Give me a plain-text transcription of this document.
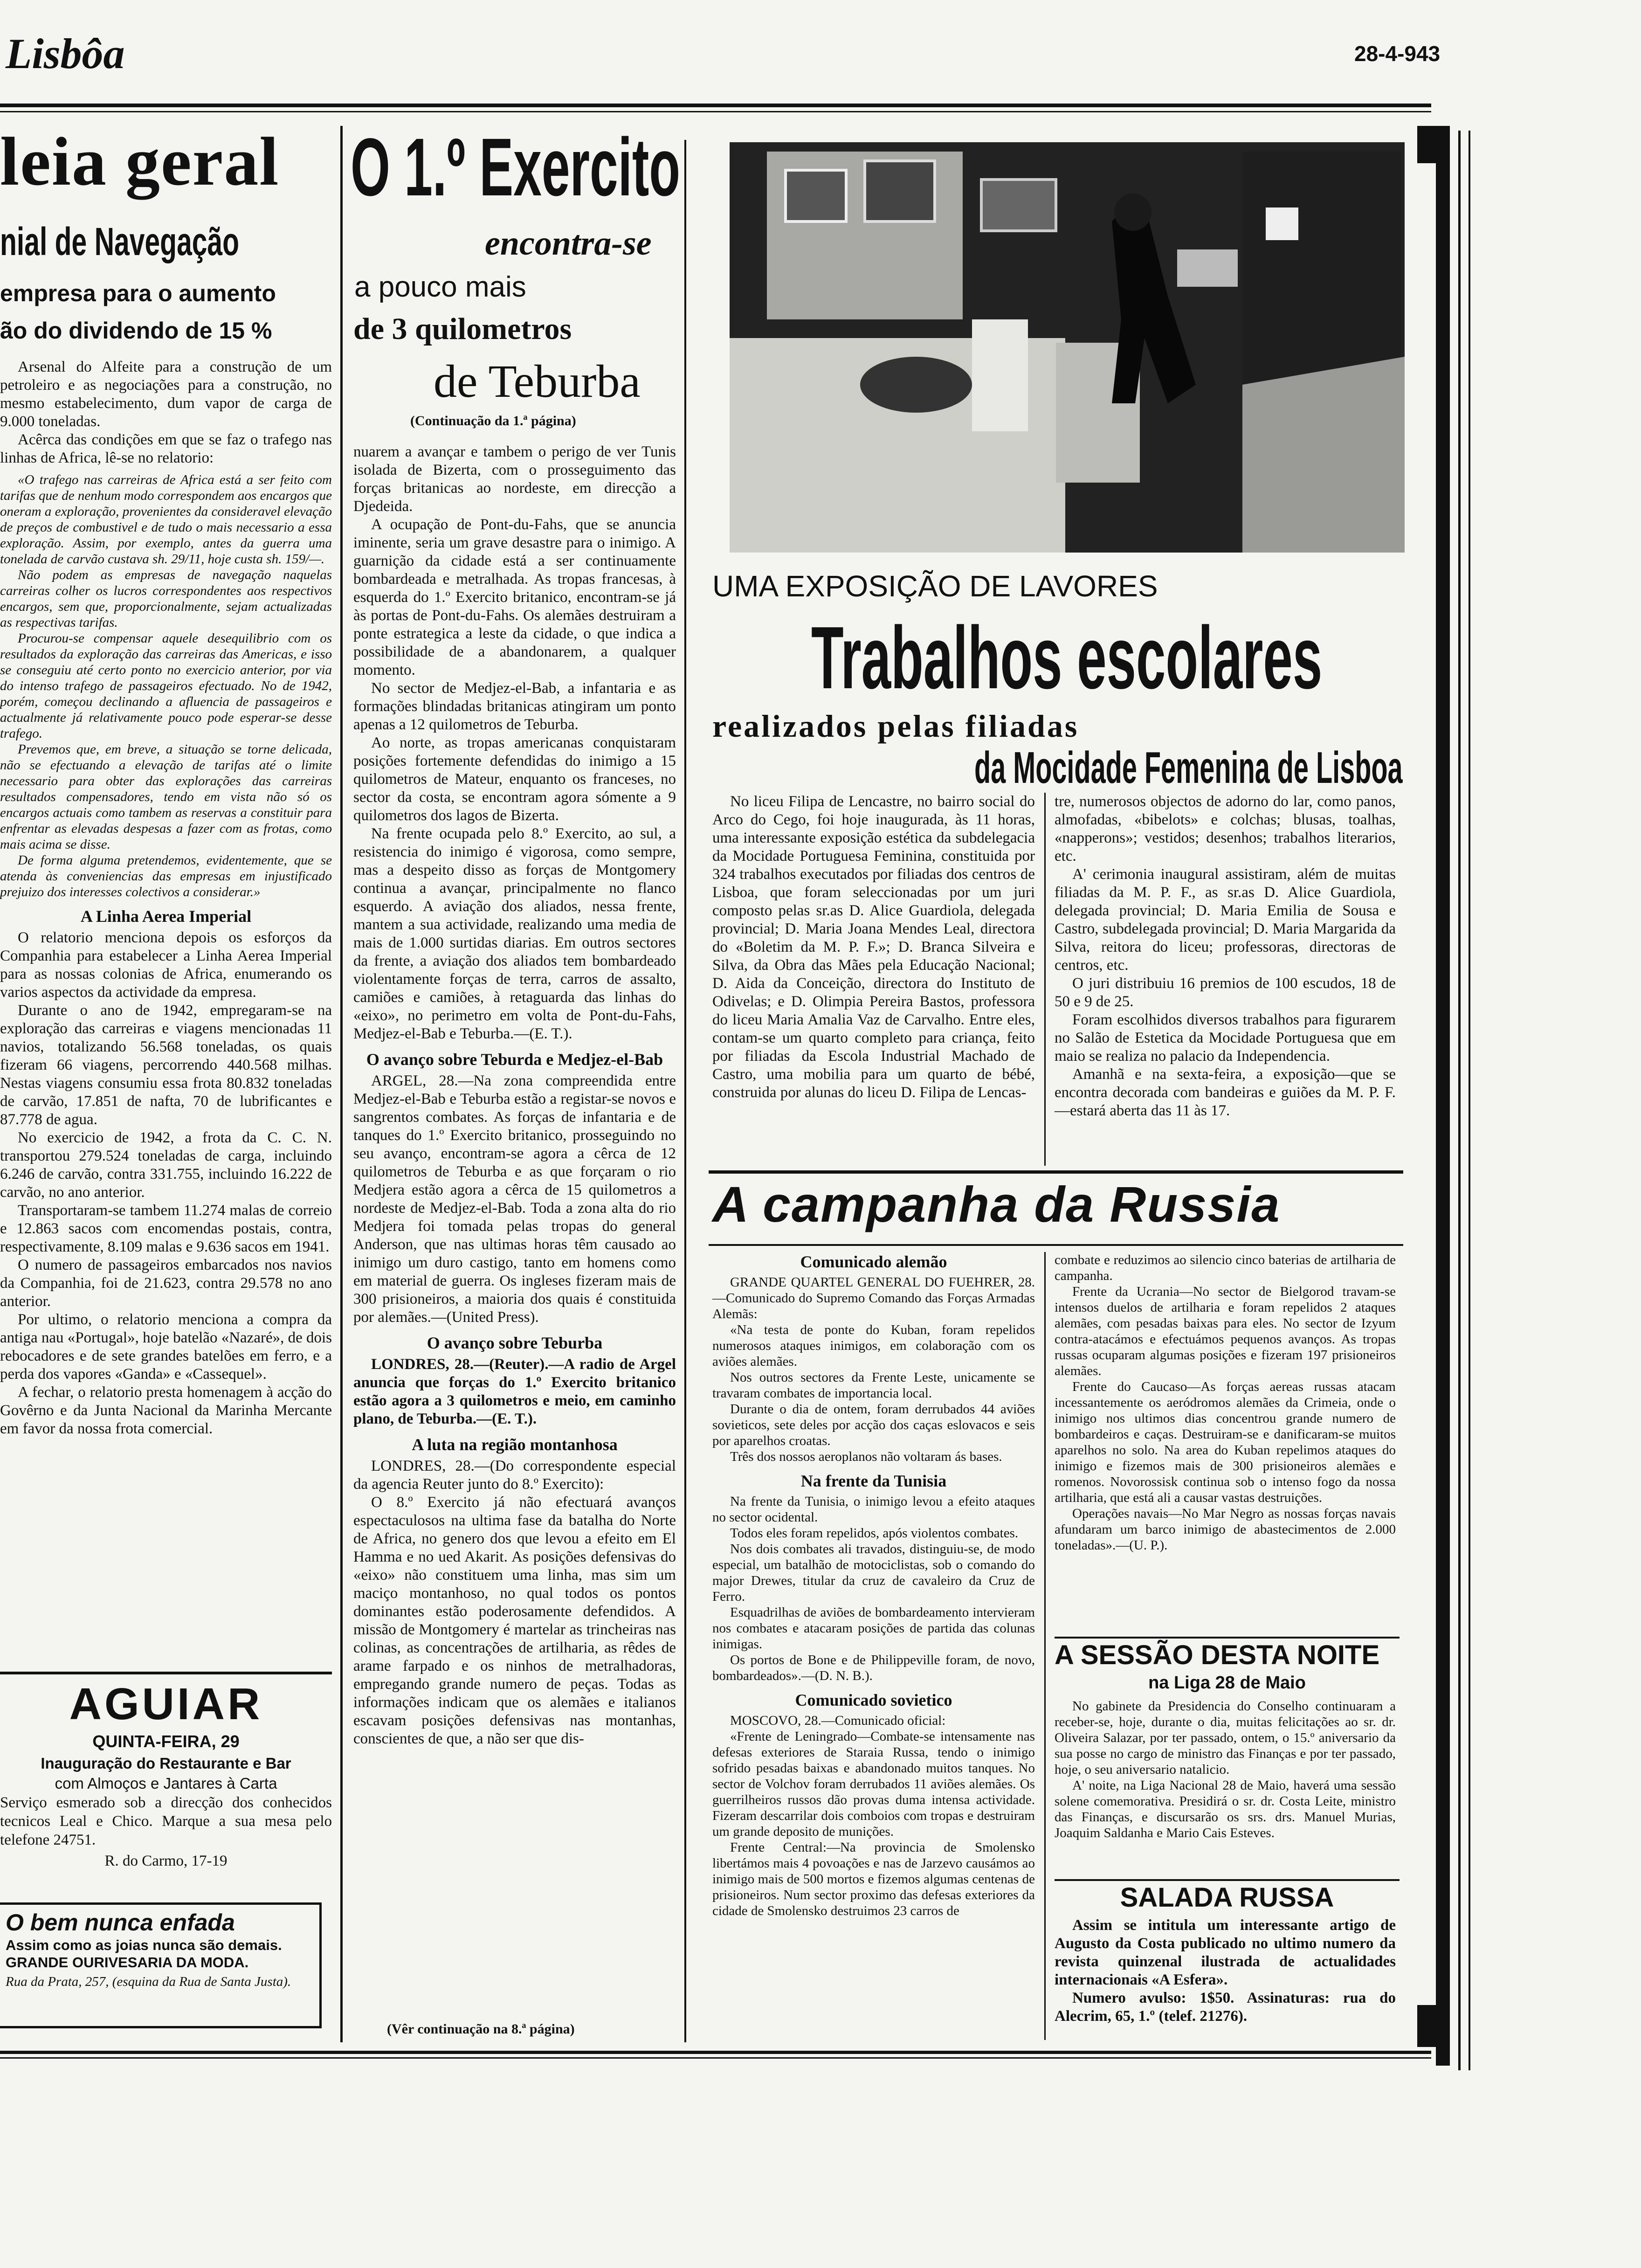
Lisbôa	28-4-943
leia geral
nial de Navegação
empresa para o aumento
ão do dividendo de 15 %

Arsenal do Alfeite para a construção de um petroleiro e as negociações para a construção, no mesmo estabelecimento, dum vapor de carga de 9.000 toneladas.

Acêrca das condições em que se faz o trafego nas linhas de Africa, lê-se no relatorio:

«O trafego nas carreiras de Africa está a ser feito com tarifas que de nenhum modo correspondem aos encargos que oneram a exploração, provenientes da consideravel elevação de preços de combustivel e de tudo o mais necessario a essa exploração. Assim, por exemplo, antes da guerra uma tonelada de carvão custava sh. 29/11, hoje custa sh. 159/—.

Não podem as empresas de navegação naquelas carreiras colher os lucros correspondentes aos respectivos encargos, sem que, proporcionalmente, sejam actualizadas as respectivas tarifas.

Procurou-se compensar aquele desequilibrio com os resultados da exploração das carreiras das Americas, e isso se conseguiu até certo ponto no exercicio anterior, por via do intenso trafego de passageiros efectuado. No de 1942, porém, começou declinando a afluencia de passageiros e actualmente já relativamente pouco pode esperar-se desse trafego.

Prevemos que, em breve, a situação se torne delicada, não se efectuando a elevação de tarifas até o limite necessario para obter das explorações das carreiras resultados compensadores, tendo em vista não só os encargos actuais como tambem as reservas a constituir para enfrentar as elevadas despesas a fazer com as frotas, como mais acima se disse.

De forma alguma pretendemos, evidentemente, que se atenda às conveniencias das empresas em injustificado prejuizo dos interesses colectivos a considerar.»

A Linha Aerea Imperial

O relatorio menciona depois os esforços da Companhia para estabelecer a Linha Aerea Imperial para as nossas colonias de Africa, enumerando os varios aspectos da actividade da empresa.

Durante o ano de 1942, empregaram-se na exploração das carreiras e viagens mencionadas 11 navios, totalizando 56.568 toneladas, os quais fizeram 66 viagens, percorrendo 440.568 milhas. Nestas viagens consumiu essa frota 80.832 toneladas de carvão, 17.851 de nafta, 70 de lubrificantes e 87.778 de agua.

No exercicio de 1942, a frota da C. C. N. transportou 279.524 toneladas de carga, incluindo 6.246 de carvão, contra 331.755, incluindo 16.222 de carvão, no ano anterior.

Transportaram-se tambem 11.274 malas de correio e 12.863 sacos com encomendas postais, contra, respectivamente, 8.109 malas e 9.636 sacos em 1941.

O numero de passageiros embarcados nos navios da Companhia, foi de 21.623, contra 29.578 no ano anterior.

Por ultimo, o relatorio menciona a compra da antiga nau «Portugal», hoje batelão «Nazaré», de dois rebocadores e de sete grandes batelões em ferro, e a perda dos vapores «Ganda» e «Cassequel».

A fechar, o relatorio presta homenagem à acção do Govêrno e da Junta Nacional da Marinha Mercante em favor da nossa frota comercial.

AGUIAR
QUINTA-FEIRA, 29
Inauguração do Restaurante e Bar
com Almoços e Jantares à Carta
Serviço esmerado sob a direcção dos conhecidos tecnicos Leal e Chico. Marque a sua mesa pelo telefone 24751.
R. do Carmo, 17-19
O bem nunca enfada
Assim como as joias nunca são demais. GRANDE OURIVESARIA DA MODA.
Rua da Prata, 257, (esquina da Rua de Santa Justa).
O 1.º Exercito
encontra-se
a pouco mais
de 3 quilometros
de Teburba
(Continuação da 1.ª página)

nuarem a avançar e tambem o perigo de ver Tunis isolada de Bizerta, com o prosseguimento das forças britanicas ao nordeste, em direcção a Djedeida.

A ocupação de Pont-du-Fahs, que se anuncia iminente, seria um grave desastre para o inimigo. A guarnição da cidade está a ser continuamente bombardeada e metralhada. As tropas francesas, à esquerda do 1.º Exercito britanico, encontram-se já às portas de Pont-du-Fahs. Os alemães destruiram a ponte estrategica a leste da cidade, o que indica a possibilidade de a abandonarem, a qualquer momento.

No sector de Medjez-el-Bab, a infantaria e as formações blindadas britanicas atingiram um ponto apenas a 12 quilometros de Teburba.

Ao norte, as tropas americanas conquistaram posições fortemente defendidas do inimigo a 15 quilometros de Mateur, enquanto os franceses, no sector da costa, se encontram agora sómente a 9 quilometros dos lagos de Bizerta.

Na frente ocupada pelo 8.º Exercito, ao sul, a resistencia do inimigo é vigorosa, como sempre, mas a despeito disso as forças de Montgomery continua a avançar, principalmente no flanco esquerdo. A aviação dos aliados, nessa frente, mantem a sua actividade, realizando uma media de mais de 1.000 surtidas diarias. Em outros sectores da frente, a aviação dos aliados tem bombardeado violentamente forças de terra, carros de assalto, camiões e camiões, à retaguarda das linhas do «eixo», no perimetro em volta de Pont-du-Fahs, Medjez-el-Bab e Teburba.—(E. T.).

O avanço sobre Teburda e Medjez-el-Bab

ARGEL, 28.—Na zona compreendida entre Medjez-el-Bab e Teburba estão a registar-se novos e sangrentos combates. As forças de infantaria e de tanques do 1.º Exercito britanico, prosseguindo no seu avanço, encontram-se agora a cêrca de 12 quilometros de Teburba e as que forçaram o rio Medjera estão agora a cêrca de 15 quilometros a nordeste de Medjez-el-Bab. Toda a zona alta do rio Medjera foi tomada pelas tropas do general Anderson, que nas ultimas horas têm causado ao inimigo um duro castigo, tanto em homens como em material de guerra. Os ingleses fizeram mais de 300 prisioneiros, a maioria dos quais é constituida por alemães.—(United Press).

O avanço sobre Teburba

LONDRES, 28.—(Reuter).—A radio de Argel anuncia que forças do 1.º Exercito britanico estão agora a 3 quilometros e meio, em caminho plano, de Teburba.—(E. T.).

A luta na região montanhosa

LONDRES, 28.—(Do correspondente especial da agencia Reuter junto do 8.º Exercito):

O 8.º Exercito já não efectuará avanços espectaculosos na ultima fase da batalha do Norte de Africa, no genero dos que levou a efeito em El Hamma e no ued Akarit. As posições defensivas do «eixo» não constituem uma linha, mas sim um maciço montanhoso, no qual todos os pontos dominantes estão poderosamente defendidos. A missão de Montgomery é martelar as trincheiras nas colinas, as concentrações de artilharia, as rêdes de arame farpado e os ninhos de metralhadoras, empregando grande numero de peças. Todas as informações indicam que os alemães e italianos escavam posições defensivas nas montanhas, conscientes de que, a não ser que dis-

(Vêr continuação na 8.ª página)
UMA EXPOSIÇÃO DE LAVORES
Trabalhos escolares
realizados pelas filiadas
da Mocidade Femenina de Lisboa

No liceu Filipa de Lencastre, no bairro social do Arco do Cego, foi hoje inaugurada, às 11 horas, uma interessante exposição estética da subdelegacia da Mocidade Portuguesa Feminina, constituida por 324 trabalhos executados por filiadas dos centros de Lisboa, que foram seleccionadas por um juri composto pelas sr.as D. Alice Guardiola, delegada provincial; D. Maria Joana Mendes Leal, directora do «Boletim da M. P. F.»; D. Branca Silveira e Silva, da Obra das Mães pela Educação Nacional; D. Aida da Conceição, directora do Instituto de Odivelas; e D. Olimpia Pereira Bastos, professora do liceu Maria Amalia Vaz de Carvalho. Entre eles, contam-se um quarto completo para criança, feito por filiadas da Escola Industrial Machado de Castro, uma mobilia para um quarto de bébé, construida por alunas do liceu D. Filipa de Lencas-

tre, numerosos objectos de adorno do lar, como panos, almofadas, «bibelots» e colchas; blusas, toalhas, «napperons»; vestidos; desenhos; trabalhos literarios, etc.

A' cerimonia inaugural assistiram, além de muitas filiadas da M. P. F., as sr.as D. Alice Guardiola, delegada provincial; D. Maria Emilia de Sousa e Castro, subdelegada provincial; D. Maria Margarida da Silva, reitora do liceu; professoras, directoras de centros, etc.

O juri distribuiu 16 premios de 100 escudos, 18 de 50 e 9 de 25.

Foram escolhidos diversos trabalhos para figurarem no Salão de Estetica da Mocidade Portuguesa que em maio se realiza no palacio da Independencia.

Amanhã e na sexta-feira, a exposição—que se encontra decorada com bandeiras e guiões da M. P. F.—estará aberta das 11 às 17.

A campanha da Russia
Comunicado alemão

GRANDE QUARTEL GENERAL DO FUEHRER, 28.—Comunicado do Supremo Comando das Forças Armadas Alemãs:

«Na testa de ponte do Kuban, foram repelidos numerosos ataques inimigos, em colaboração com os aviões alemães.

Nos outros sectores da Frente Leste, unicamente se travaram combates de importancia local.

Durante o dia de ontem, foram derrubados 44 aviões sovieticos, sete deles por acção dos caças eslovacos e seis por aparelhos croatas.

Três dos nossos aeroplanos não voltaram ás bases.

Na frente da Tunisia

Na frente da Tunisia, o inimigo levou a efeito ataques no sector ocidental.

Todos eles foram repelidos, após violentos combates.

Nos dois combates ali travados, distinguiu-se, de modo especial, um batalhão de motociclistas, sob o comando do major Drewes, titular da cruz de cavaleiro da Cruz de Ferro.

Esquadrilhas de aviões de bombardeamento intervieram nos combates e atacaram posições de partida das colunas inimigas.

Os portos de Bone e de Philippeville foram, de novo, bombardeados».—(D. N. B.).

Comunicado sovietico

MOSCOVO, 28.—Comunicado oficial:

«Frente de Leningrado—Combate-se intensamente nas defesas exteriores de Staraia Russa, tendo o inimigo sofrido pesadas baixas e abandonado muitos tanques. No sector de Volchov foram derrubados 11 aviões alemães. Os guerrilheiros russos dão provas duma intensa actividade. Fizeram descarrilar dois comboios com tropas e destruiram um grande deposito de munições.

Frente Central:—Na provincia de Smolensko libertámos mais 4 povoações e nas de Jarzevo causámos ao inimigo mais de 500 mortos e fizemos algumas centenas de prisioneiros. Num sector proximo das defesas exteriores da cidade de Smolensko destruimos 23 carros de

combate e reduzimos ao silencio cinco baterias de artilharia de campanha.

Frente da Ucrania—No sector de Bielgorod travam-se intensos duelos de artilharia e foram repelidos 2 ataques alemães, com pesadas baixas para eles. No sector de Izyum contra-atacámos e efectuámos pequenos avanços. As tropas russas ocuparam algumas posições e fizeram 197 prisioneiros alemães.

Frente do Caucaso—As forças aereas russas atacam incessantemente os aeródromos alemães da Crimeia, onde o inimigo nos ultimos dias concentrou grande numero de bombardeiros e caças. Destruiram-se e danificaram-se muitos aparelhos no solo. Na area do Kuban repelimos ataques do inimigo e fizemos mais de 300 prisioneiros alemães e romenos. Novorossisk continua sob o intenso fogo da nossa artilharia, que está ali a causar vastas destruições.

Operações navais—No Mar Negro as nossas forças navais afundaram um barco inimigo de abastecimentos de 2.000 toneladas».—(U. P.).

A SESSÃO DESTA NOITE
na Liga 28 de Maio

No gabinete da Presidencia do Conselho continuaram a receber-se, hoje, durante o dia, muitas felicitações ao sr. dr. Oliveira Salazar, por ter passado, ontem, o 15.º aniversario da sua posse no cargo de ministro das Finanças e por ter passado, hoje, o seu aniversario natalicio.

A' noite, na Liga Nacional 28 de Maio, haverá uma sessão solene comemorativa. Presidirá o sr. dr. Costa Leite, ministro das Finanças, e discursarão os srs. drs. Manuel Murias, Joaquim Saldanha e Mario Cais Esteves.

SALADA RUSSA

Assim se intitula um interessante artigo de Augusto da Costa publicado no ultimo numero da revista quinzenal ilustrada de actualidades internacionais «A Esfera».

Numero avulso: 1$50. Assinaturas: rua do Alecrim, 65, 1.º (telef. 21276).
